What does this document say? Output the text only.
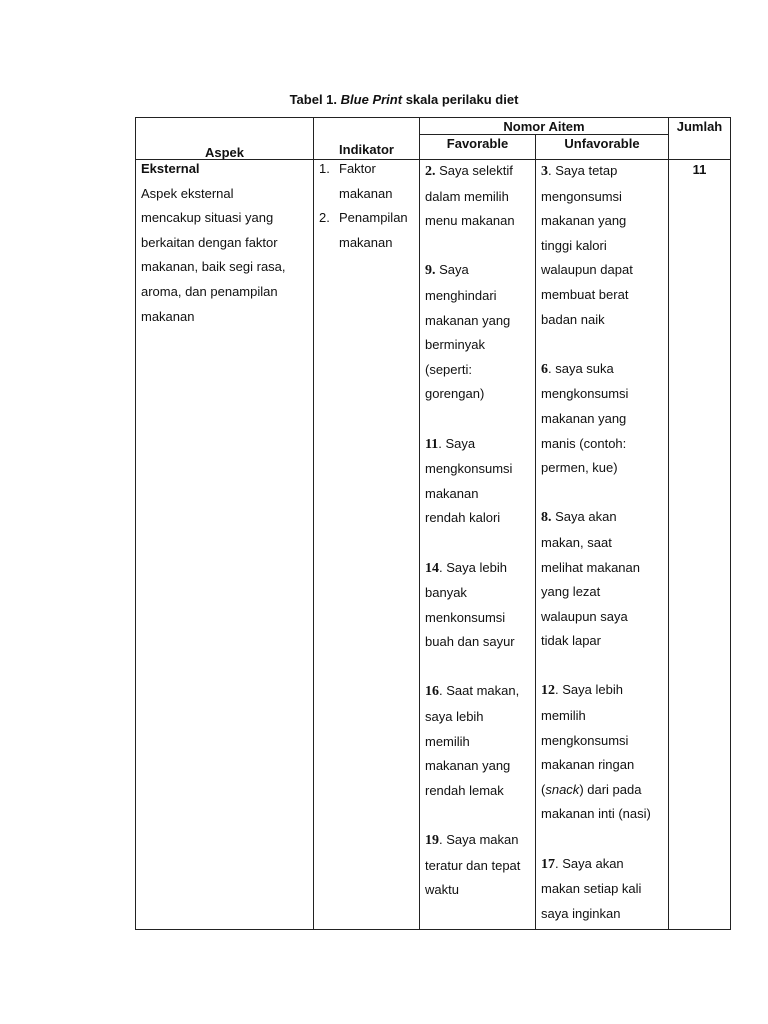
Tabel 1. Blue Print skala perilaku diet
Aspek	Indikator
Nomor Aitem
Favorable	Unfavorable
Jumlah

Eksternal

Aspek eksternal

mencakup situasi yang

berkaitan dengan faktor

makanan, baik segi rasa,

aroma, dan penampilan

makanan

1. Faktor

makanan

2. Penampilan

makanan

2. Saya selektif

dalam memilih

menu makanan

9. Saya

menghindari

makanan yang

berminyak

(seperti:

gorengan)

11. Saya

mengkonsumsi

makanan

rendah kalori

14. Saya lebih

banyak

menkonsumsi

buah dan sayur

16. Saat makan,

saya lebih

memilih

makanan yang

rendah lemak

19. Saya makan

teratur dan tepat

waktu

3. Saya tetap

mengonsumsi

makanan yang

tinggi kalori

walaupun dapat

membuat berat

badan naik

6. saya suka

mengkonsumsi

makanan yang

manis (contoh:

permen, kue)

8. Saya akan

makan, saat

melihat makanan

yang lezat

walaupun saya

tidak lapar

12. Saya lebih

memilih

mengkonsumsi

makanan ringan

(snack) dari pada

makanan inti (nasi)

17. Saya akan

makan setiap kali

saya inginkan

11
